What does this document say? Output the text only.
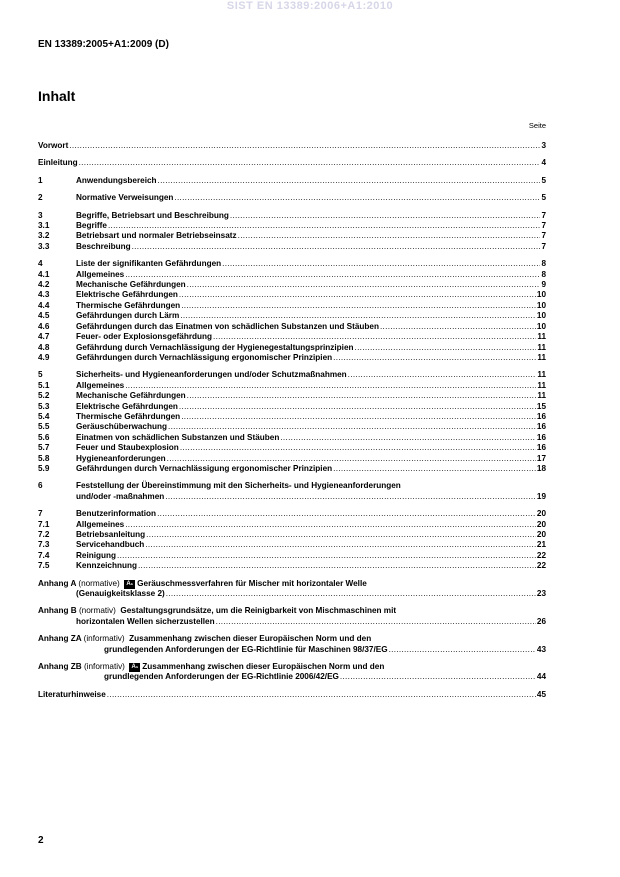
SIST EN 13389:2006+A1:2010
EN 13389:2005+A1:2009 (D)
Inhalt
Seite
Vorwort .....	3
Einleitung .....	4
1	Anwendungsbereich .....	5
2	Normative Verweisungen .....	5
3	Begriffe, Betriebsart und Beschreibung .....	7
3.1	Begriffe .....	7
3.2	Betriebsart und normaler Betriebseinsatz .....	7
3.3	Beschreibung .....	7
4	Liste der signifikanten Gefährdungen .....	8
4.1	Allgemeines .....	8
4.2	Mechanische Gefährdungen .....	9
4.3	Elektrische Gefährdungen .....	10
4.4	Thermische Gefährdungen .....	10
4.5	Gefährdungen durch Lärm .....	10
4.6	Gefährdungen durch das Einatmen von schädlichen Substanzen und Stäuben .....	10
4.7	Feuer- oder Explosionsgefährdung .....	11
4.8	Gefährdung durch Vernachlässigung der Hygienegestaltungsprinzipien .....	11
4.9	Gefährdungen durch Vernachlässigung ergonomischer Prinzipien .....	11
5	Sicherheits- und Hygieneanforderungen und/oder Schutzmaßnahmen .....	11
5.1	Allgemeines .....	11
5.2	Mechanische Gefährdungen .....	11
5.3	Elektrische Gefährdungen .....	15
5.4	Thermische Gefährdungen .....	16
5.5	Geräuschüberwachung .....	16
5.6	Einatmen von schädlichen Substanzen und Stäuben .....	16
5.7	Feuer und Staubexplosion .....	16
5.8	Hygieneanforderungen .....	17
5.9	Gefährdungen durch Vernachlässigung ergonomischer Prinzipien .....	18
6	Feststellung der Übereinstimmung mit den Sicherheits- und Hygieneanforderungen
und/oder -maßnahmen .....	19
7	Benutzerinformation .....	20
7.1	Allgemeines .....	20
7.2	Betriebsanleitung .....	20
7.3	Servicehandbuch .....	21
7.4	Reinigung .....	22
7.5	Kennzeichnung .....	22
Anhang A (normative) A₁ Geräuschmessverfahren für Mischer mit horizontaler Welle
(Genauigkeitsklasse 2) .....	23
Anhang B (normativ) Gestaltungsgrundsätze, um die Reinigbarkeit von Mischmaschinen mit
horizontalen Wellen sicherzustellen .....	26
Anhang ZA (informativ) Zusammenhang zwischen dieser Europäischen Norm und den
grundlegenden Anforderungen der EG-Richtlinie für Maschinen 98/37/EG .....	43
Anhang ZB (informativ) A₁ Zusammenhang zwischen dieser Europäischen Norm und den
grundlegenden Anforderungen der EG-Richtlinie 2006/42/EG .....	44
Literaturhinweise .....	45
2
